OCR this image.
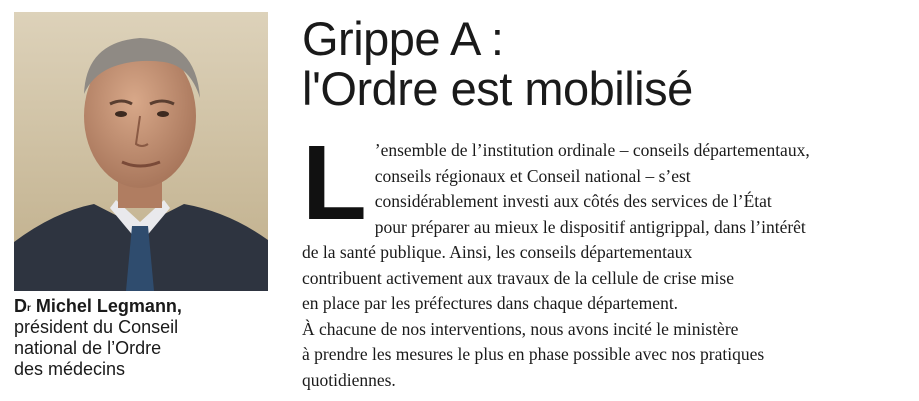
$D^r$ Michel Legmann,
président du Conseil
national de l’Ordre
des médecins
Grippe A :
l'Ordre est mobilisé
L ’ensemble de l’institution ordinale – conseils départementaux,
conseils régionaux et Conseil national – s’est
considérablement investi aux côtés des services de l’État
pour préparer au mieux le dispositif antigrippal, dans l’intérêt
de la santé publique. Ainsi, les conseils départementaux
contribuent activement aux travaux de la cellule de crise mise
en place par les préfectures dans chaque département.
À chacune de nos interventions, nous avons incité le ministère
à prendre les mesures le plus en phase possible avec nos pratiques
quotidiennes.
